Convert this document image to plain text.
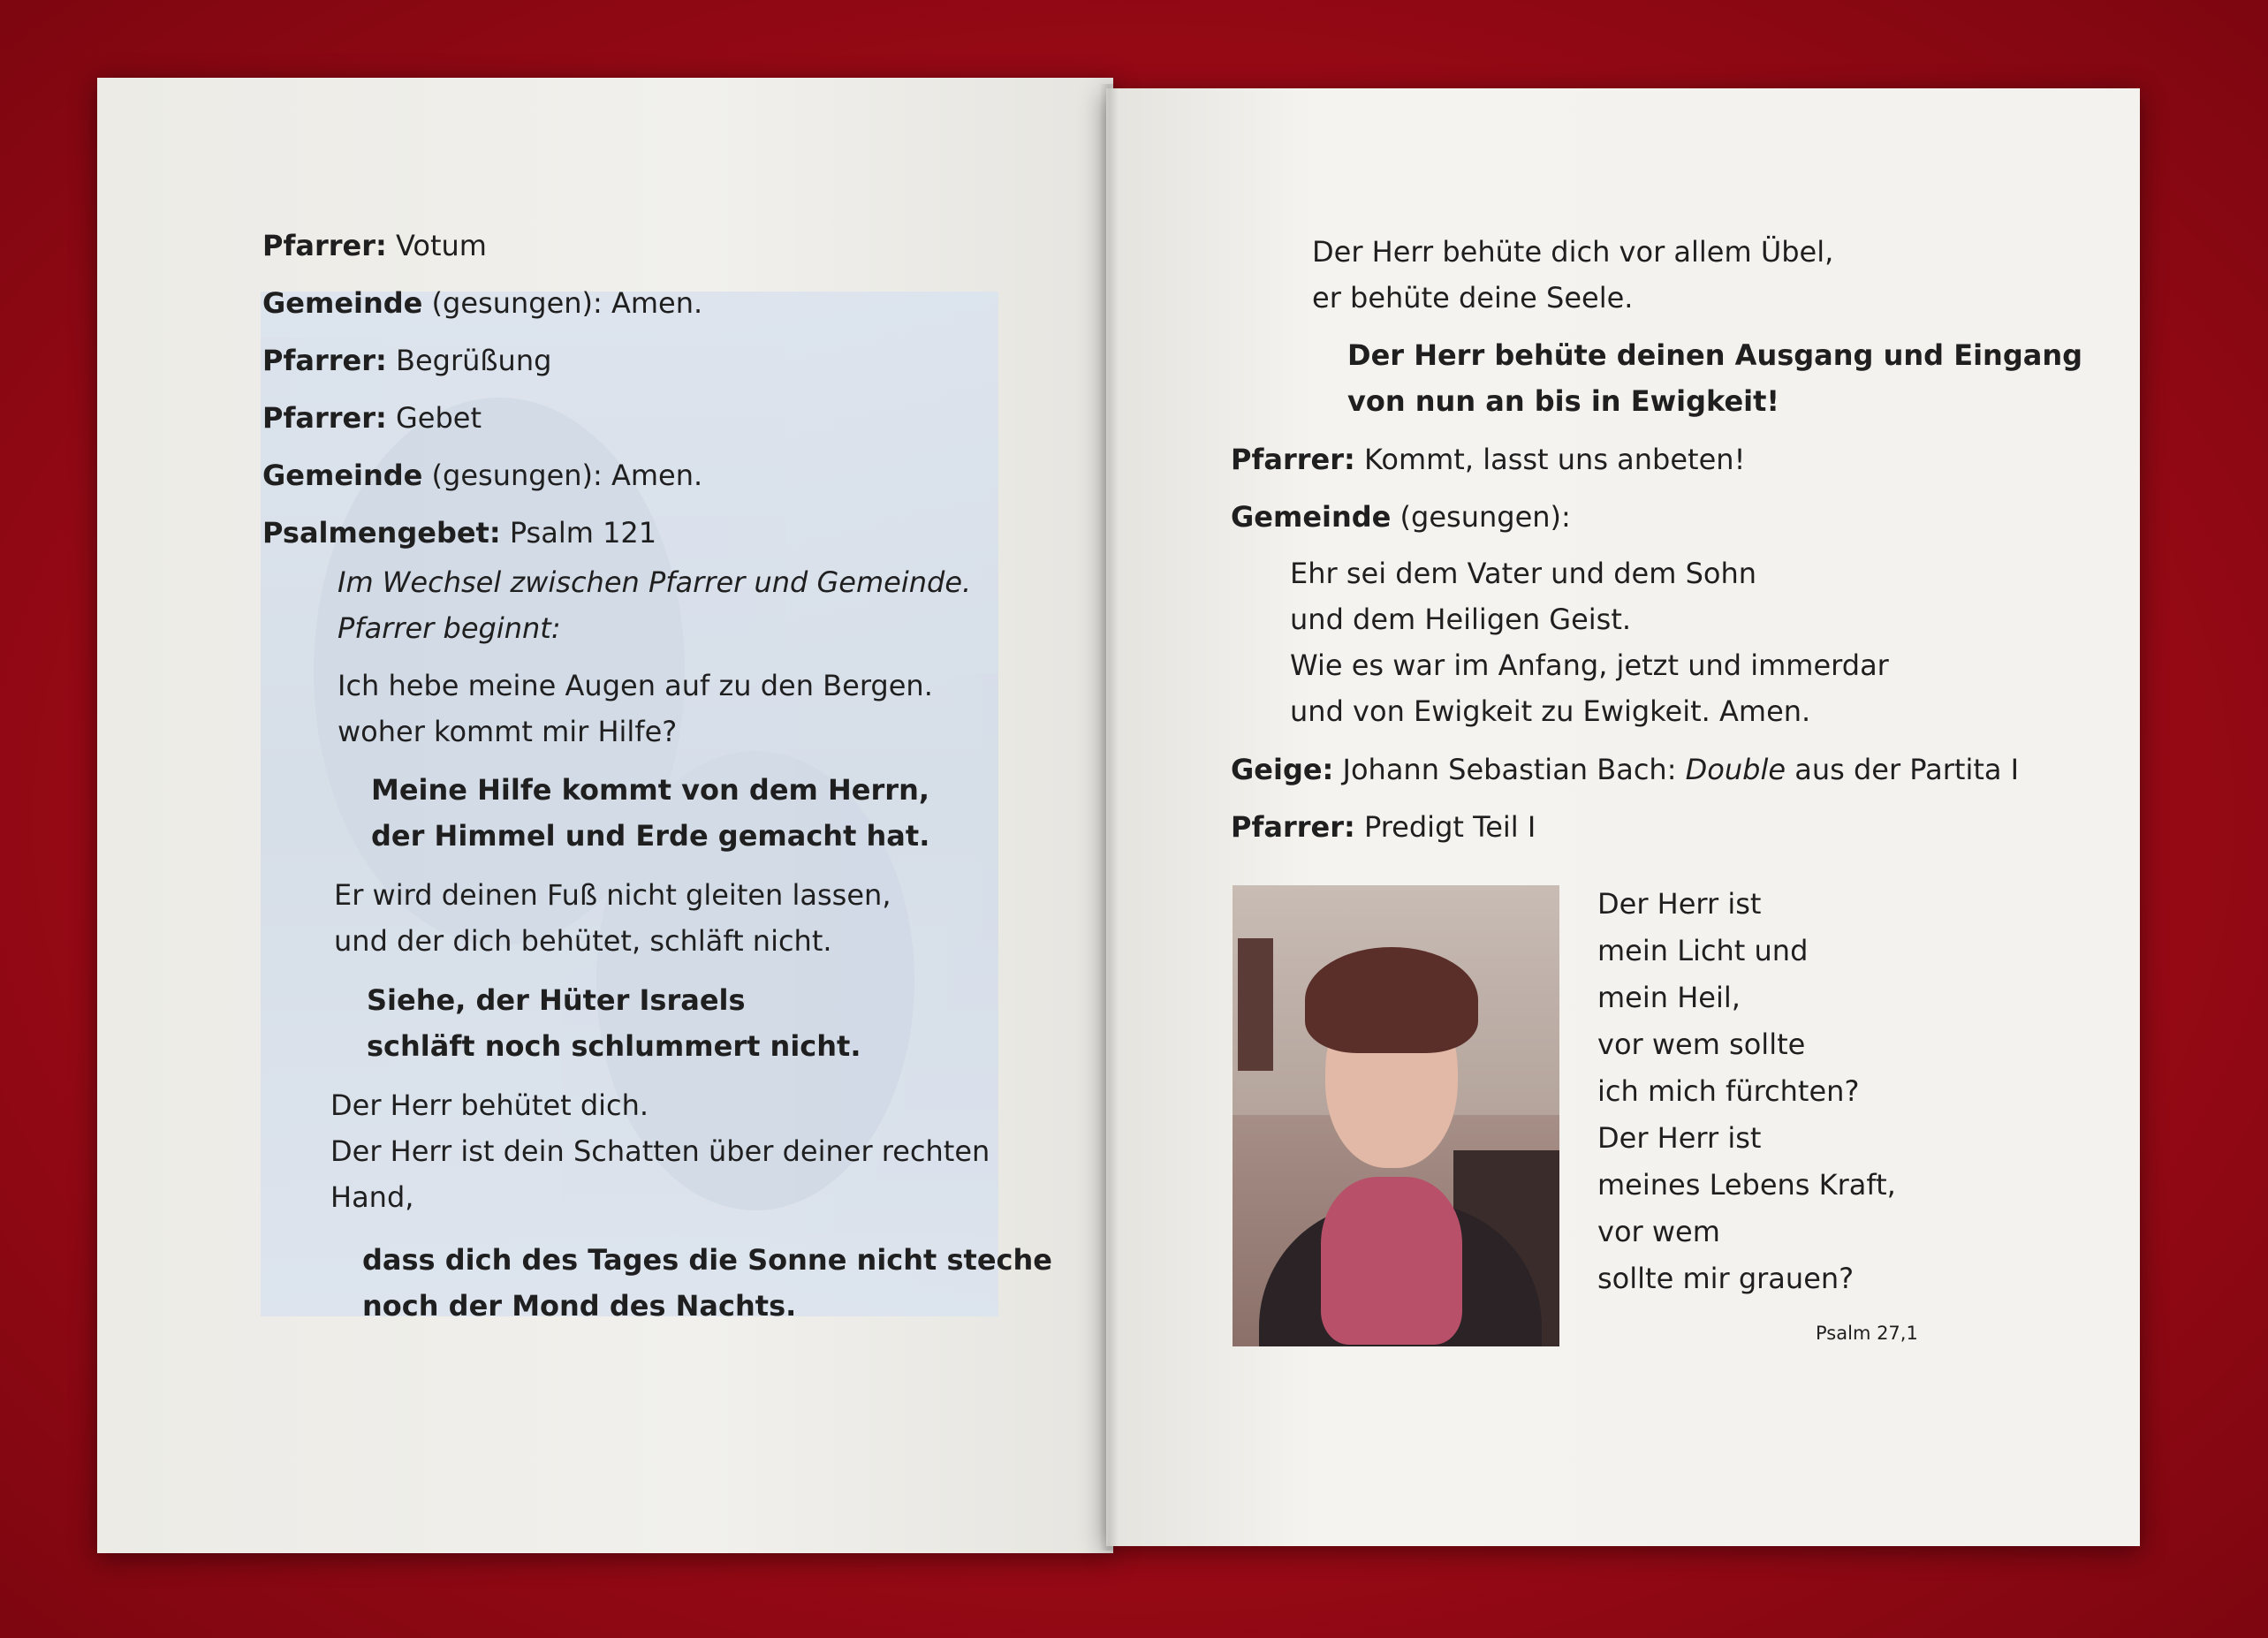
Pfarrer: Votum
Gemeinde (gesungen): Amen.
Pfarrer: Begrüßung
Pfarrer: Gebet
Gemeinde (gesungen): Amen.
Psalmengebet: Psalm 121
Im Wechsel zwischen Pfarrer und Gemeinde.
Pfarrer beginnt:
Ich hebe meine Augen auf zu den Bergen.
woher kommt mir Hilfe?
Meine Hilfe kommt von dem Herrn,
der Himmel und Erde gemacht hat.
Er wird deinen Fuß nicht gleiten lassen,
und der dich behütet, schläft nicht.
Siehe, der Hüter Israels
schläft noch schlummert nicht.
Der Herr behütet dich.
Der Herr ist dein Schatten über deiner rechten
Hand,
dass dich des Tages die Sonne nicht steche
noch der Mond des Nachts.
Der Herr behüte dich vor allem Übel,
er behüte deine Seele.
Der Herr behüte deinen Ausgang und Eingang
von nun an bis in Ewigkeit!
Pfarrer: Kommt, lasst uns anbeten!
Gemeinde (gesungen):
Ehr sei dem Vater und dem Sohn
und dem Heiligen Geist.
Wie es war im Anfang, jetzt und immerdar
und von Ewigkeit zu Ewigkeit. Amen.
Geige: Johann Sebastian Bach: Double aus der Partita I
Pfarrer: Predigt Teil I
Der Herr ist
mein Licht und
mein Heil,
vor wem sollte
ich mich fürchten?
Der Herr ist
meines Lebens Kraft,
vor wem
sollte mir grauen?
Psalm 27,1
